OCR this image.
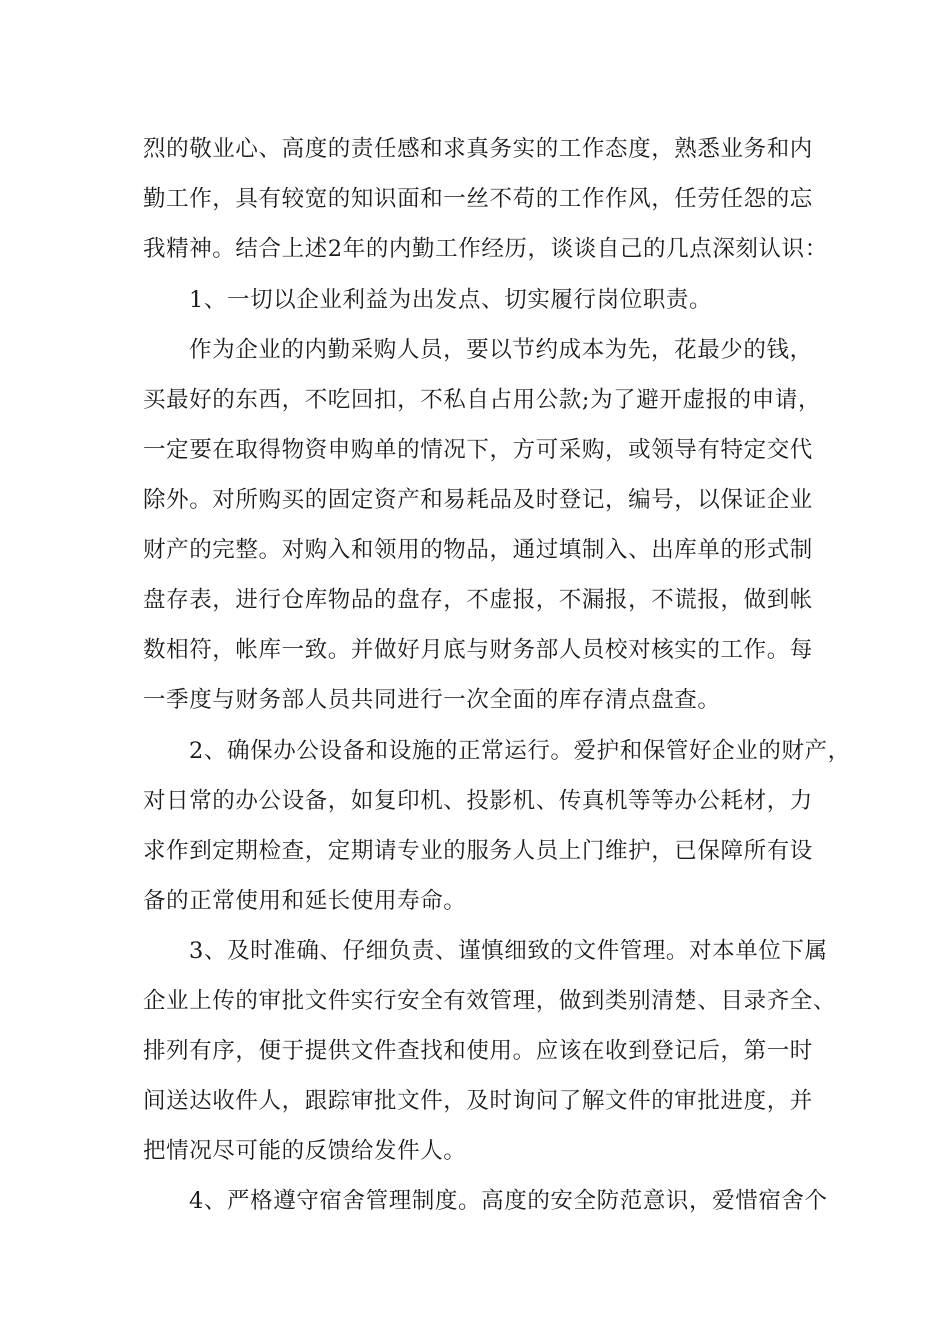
烈的敬业心、高度的责任感和求真务实的工作态度，熟悉业务和内
勤工作，具有较宽的知识面和一丝不苟的工作作风，任劳任怨的忘
我精神。结合上述2年的内勤工作经历，谈谈自己的几点深刻认识：
1、一切以企业利益为出发点、切实履行岗位职责。
作为企业的内勤采购人员，要以节约成本为先，花最少的钱，
买最好的东西，不吃回扣，不私自占用公款;为了避开虚报的申请，
一定要在取得物资申购单的情况下，方可采购，或领导有特定交代
除外。对所购买的固定资产和易耗品及时登记，编号，以保证企业
财产的完整。对购入和领用的物品，通过填制入、出库单的形式制
盘存表，进行仓库物品的盘存，不虚报，不漏报，不谎报，做到帐
数相符，帐库一致。并做好月底与财务部人员校对核实的工作。每
一季度与财务部人员共同进行一次全面的库存清点盘查。
2、确保办公设备和设施的正常运行。爱护和保管好企业的财产，
对日常的办公设备，如复印机、投影机、传真机等等办公耗材，力
求作到定期检查，定期请专业的服务人员上门维护，已保障所有设
备的正常使用和延长使用寿命。
3、及时准确、仔细负责、谨慎细致的文件管理。对本单位下属
企业上传的审批文件实行安全有效管理，做到类别清楚、目录齐全、
排列有序，便于提供文件查找和使用。应该在收到登记后，第一时
间送达收件人，跟踪审批文件，及时询问了解文件的审批进度，并
把情况尽可能的反馈给发件人。
4、严格遵守宿舍管理制度。高度的安全防范意识，爱惜宿舍个
